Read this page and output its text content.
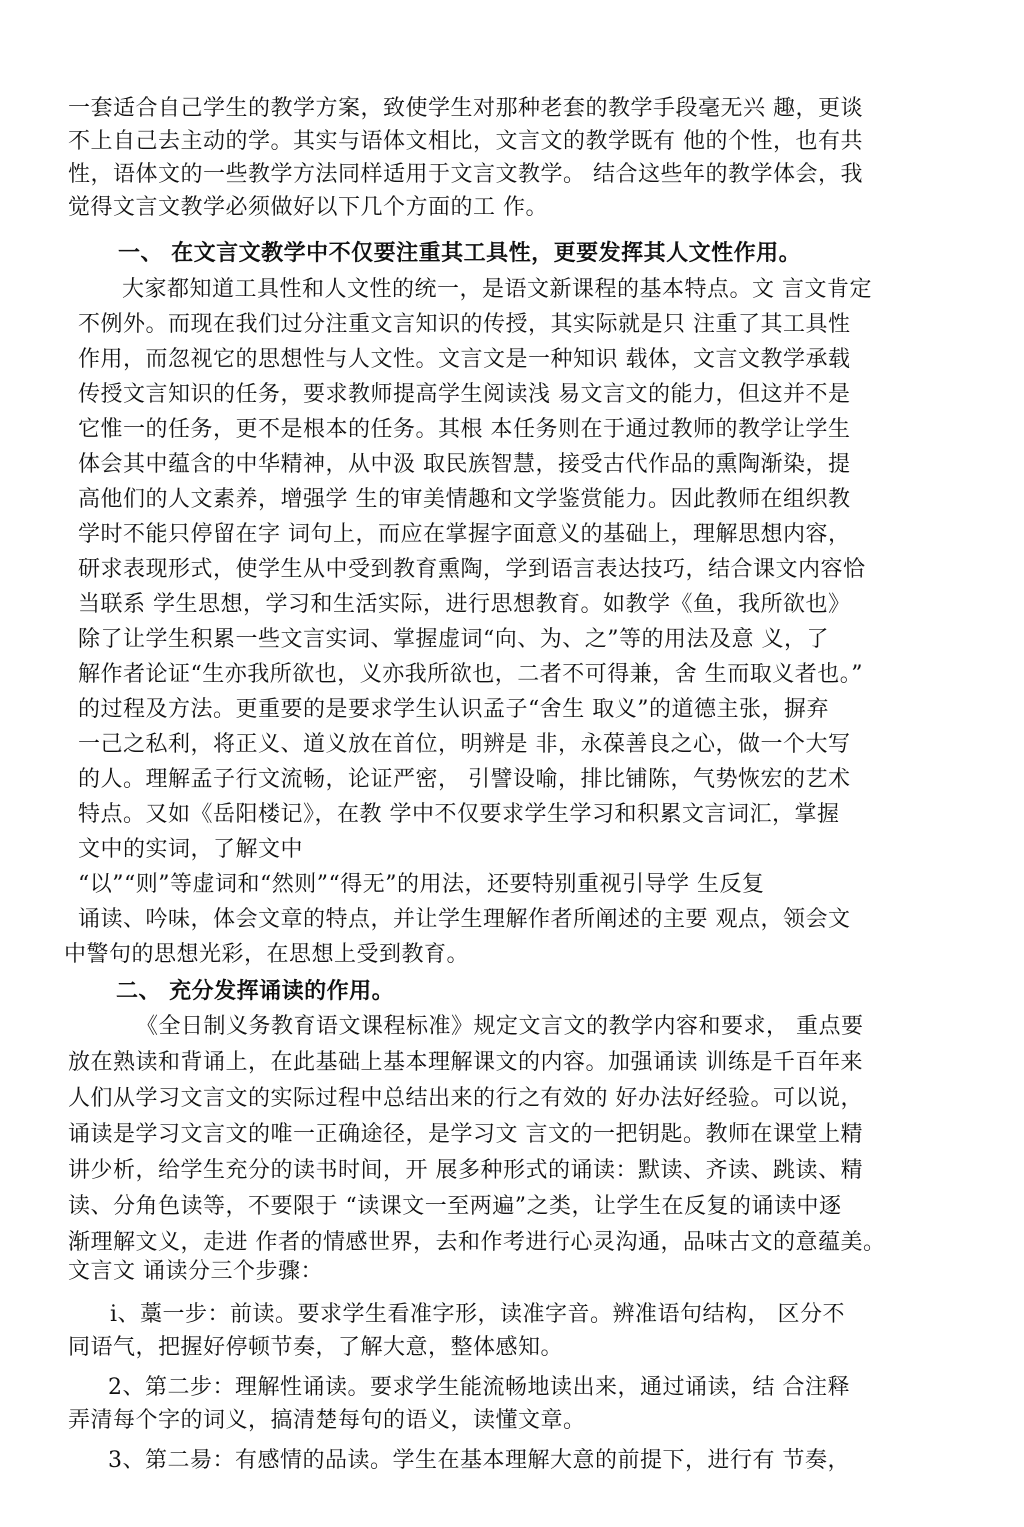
一套适合自己学生的教学方案，致使学生对那种老套的教学手段毫无兴 趣，更谈
不上自己去主动的学。其实与语体文相比，文言文的教学既有 他的个性，也有共
性，语体文的一些教学方法同样适用于文言文教学。 结合这些年的教学体会，我
觉得文言文教学必须做好以下几个方面的工 作。
一、 在文言文教学中不仅要注重其工具性，更要发挥其人文性作用。
大家都知道工具性和人文性的统一，是语文新课程的基本特点。文 言文肯定
不例外。而现在我们过分注重文言知识的传授，其实际就是只 注重了其工具性
作用，而忽视它的思想性与人文性。文言文是一种知识 载体，文言文教学承载
传授文言知识的任务，要求教师提高学生阅读浅 易文言文的能力，但这并不是
它惟一的任务，更不是根本的任务。其根 本任务则在于通过教师的教学让学生
体会其中蕴含的中华精神，从中汲 取民族智慧，接受古代作品的熏陶渐染，提
高他们的人文素养，增强学 生的审美情趣和文学鉴赏能力。因此教师在组织教
学时不能只停留在字 词句上，而应在掌握字面意义的基础上，理解思想内容，
研求表现形式，使学生从中受到教育熏陶，学到语言表达技巧，结合课文内容恰
当联系 学生思想，学习和生活实际，进行思想教育。如教学《鱼，我所欲也》
除了让学生积累一些文言实词、掌握虚词“向、为、之”等的用法及意 义，了
解作者论证“生亦我所欲也，义亦我所欲也，二者不可得兼，舍 生而取义者也。”
的过程及方法。更重要的是要求学生认识孟子“舍生 取义”的道德主张，摒弃
一己之私利，将正义、道义放在首位，明辨是 非，永葆善良之心，做一个大写
的人。理解孟子行文流畅，论证严密， 引譬设喻，排比铺陈，气势恢宏的艺术
特点。又如《岳阳楼记》，在教 学中不仅要求学生学习和积累文言词汇，掌握
文中的实词，了解文中
“以”“则”等虚词和“然则”“得无”的用法，还要特别重视引导学 生反复
诵读、吟味，体会文章的特点，并让学生理解作者所阐述的主要 观点，领会文
中警句的思想光彩，在思想上受到教育。
二、 充分发挥诵读的作用。
《全日制义务教育语文课程标准》规定文言文的教学内容和要求， 重点要
放在熟读和背诵上，在此基础上基本理解课文的内容。加强诵读 训练是千百年来
人们从学习文言文的实际过程中总结出来的行之有效的 好办法好经验。可以说，
诵读是学习文言文的唯一正确途径，是学习文 言文的一把钥匙。教师在课堂上精
讲少析，给学生充分的读书时间，开 展多种形式的诵读：默读、齐读、跳读、精
读、分角色读等，不要限于 “读课文一至两遍”之类，让学生在反复的诵读中逐
渐理解文义，走进 作者的情感世界，去和作考进行心灵沟通，品味古文的意蕴美。
文言文 诵读分三个步骤：
i、藁一步：前读。要求学生看准字形，读准字音。辨准语句结构， 区分不
同语气，把握好停顿节奏，了解大意，整体感知。
2、第二步：理解性诵读。要求学生能流畅地读出来，通过诵读，结 合注释
弄清每个字的词义，搞清楚每句的语义，读懂文章。
3、第二昜：有感情的品读。学生在基本理解大意的前提下，进行有 节奏，
